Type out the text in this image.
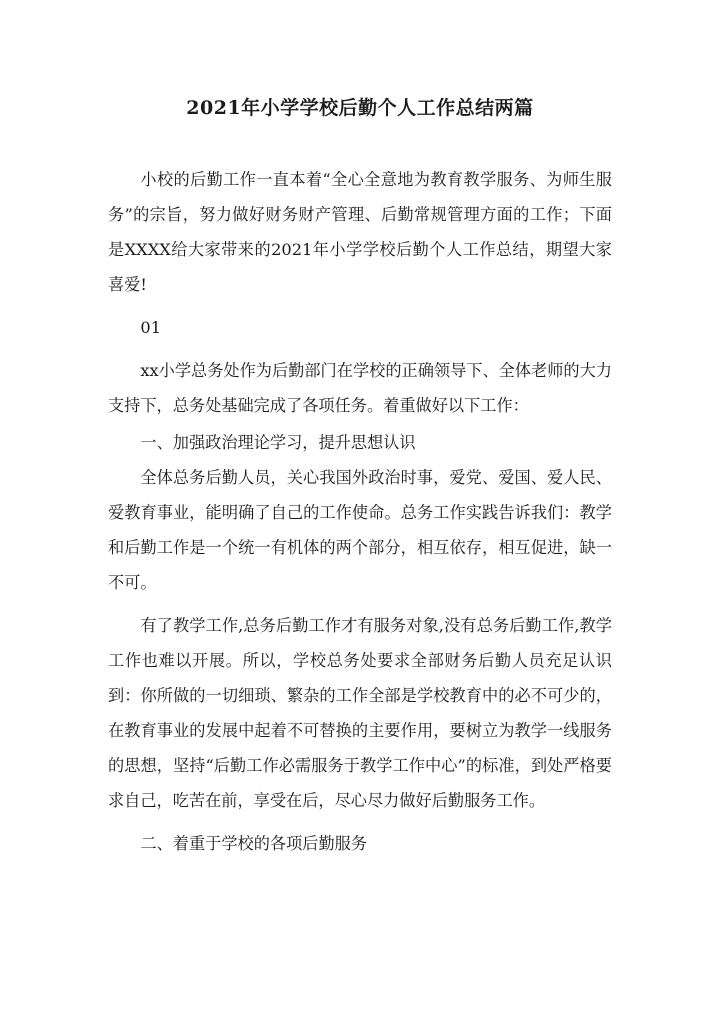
2021年小学学校后勤个人工作总结两篇

小校的后勤工作一直本着“全心全意地为教育教学服务、为师生服务”的宗旨，努力做好财务财产管理、后勤常规管理方面的工作；下面是XXXX给大家带来的2021年小学学校后勤个人工作总结，期望大家喜爱!

01

xx小学总务处作为后勤部门在学校的正确领导下、全体老师的大力支持下，总务处基础完成了各项任务。着重做好以下工作：

一、加强政治理论学习，提升思想认识

全体总务后勤人员，关心我国外政治时事，爱党、爱国、爱人民、爱教育事业，能明确了自己的工作使命。总务工作实践告诉我们：教学和后勤工作是一个统一有机体的两个部分，相互依存，相互促进，缺一不可。

有了教学工作,总务后勤工作才有服务对象,没有总务后勤工作,教学工作也难以开展。所以，学校总务处要求全部财务后勤人员充足认识到：你所做的一切细琐、繁杂的工作全部是学校教育中的必不可少的，在教育事业的发展中起着不可替换的主要作用，要树立为教学一线服务的思想，坚持“后勤工作必需服务于教学工作中心”的标准，到处严格要求自己，吃苦在前，享受在后，尽心尽力做好后勤服务工作。

二、着重于学校的各项后勤服务
